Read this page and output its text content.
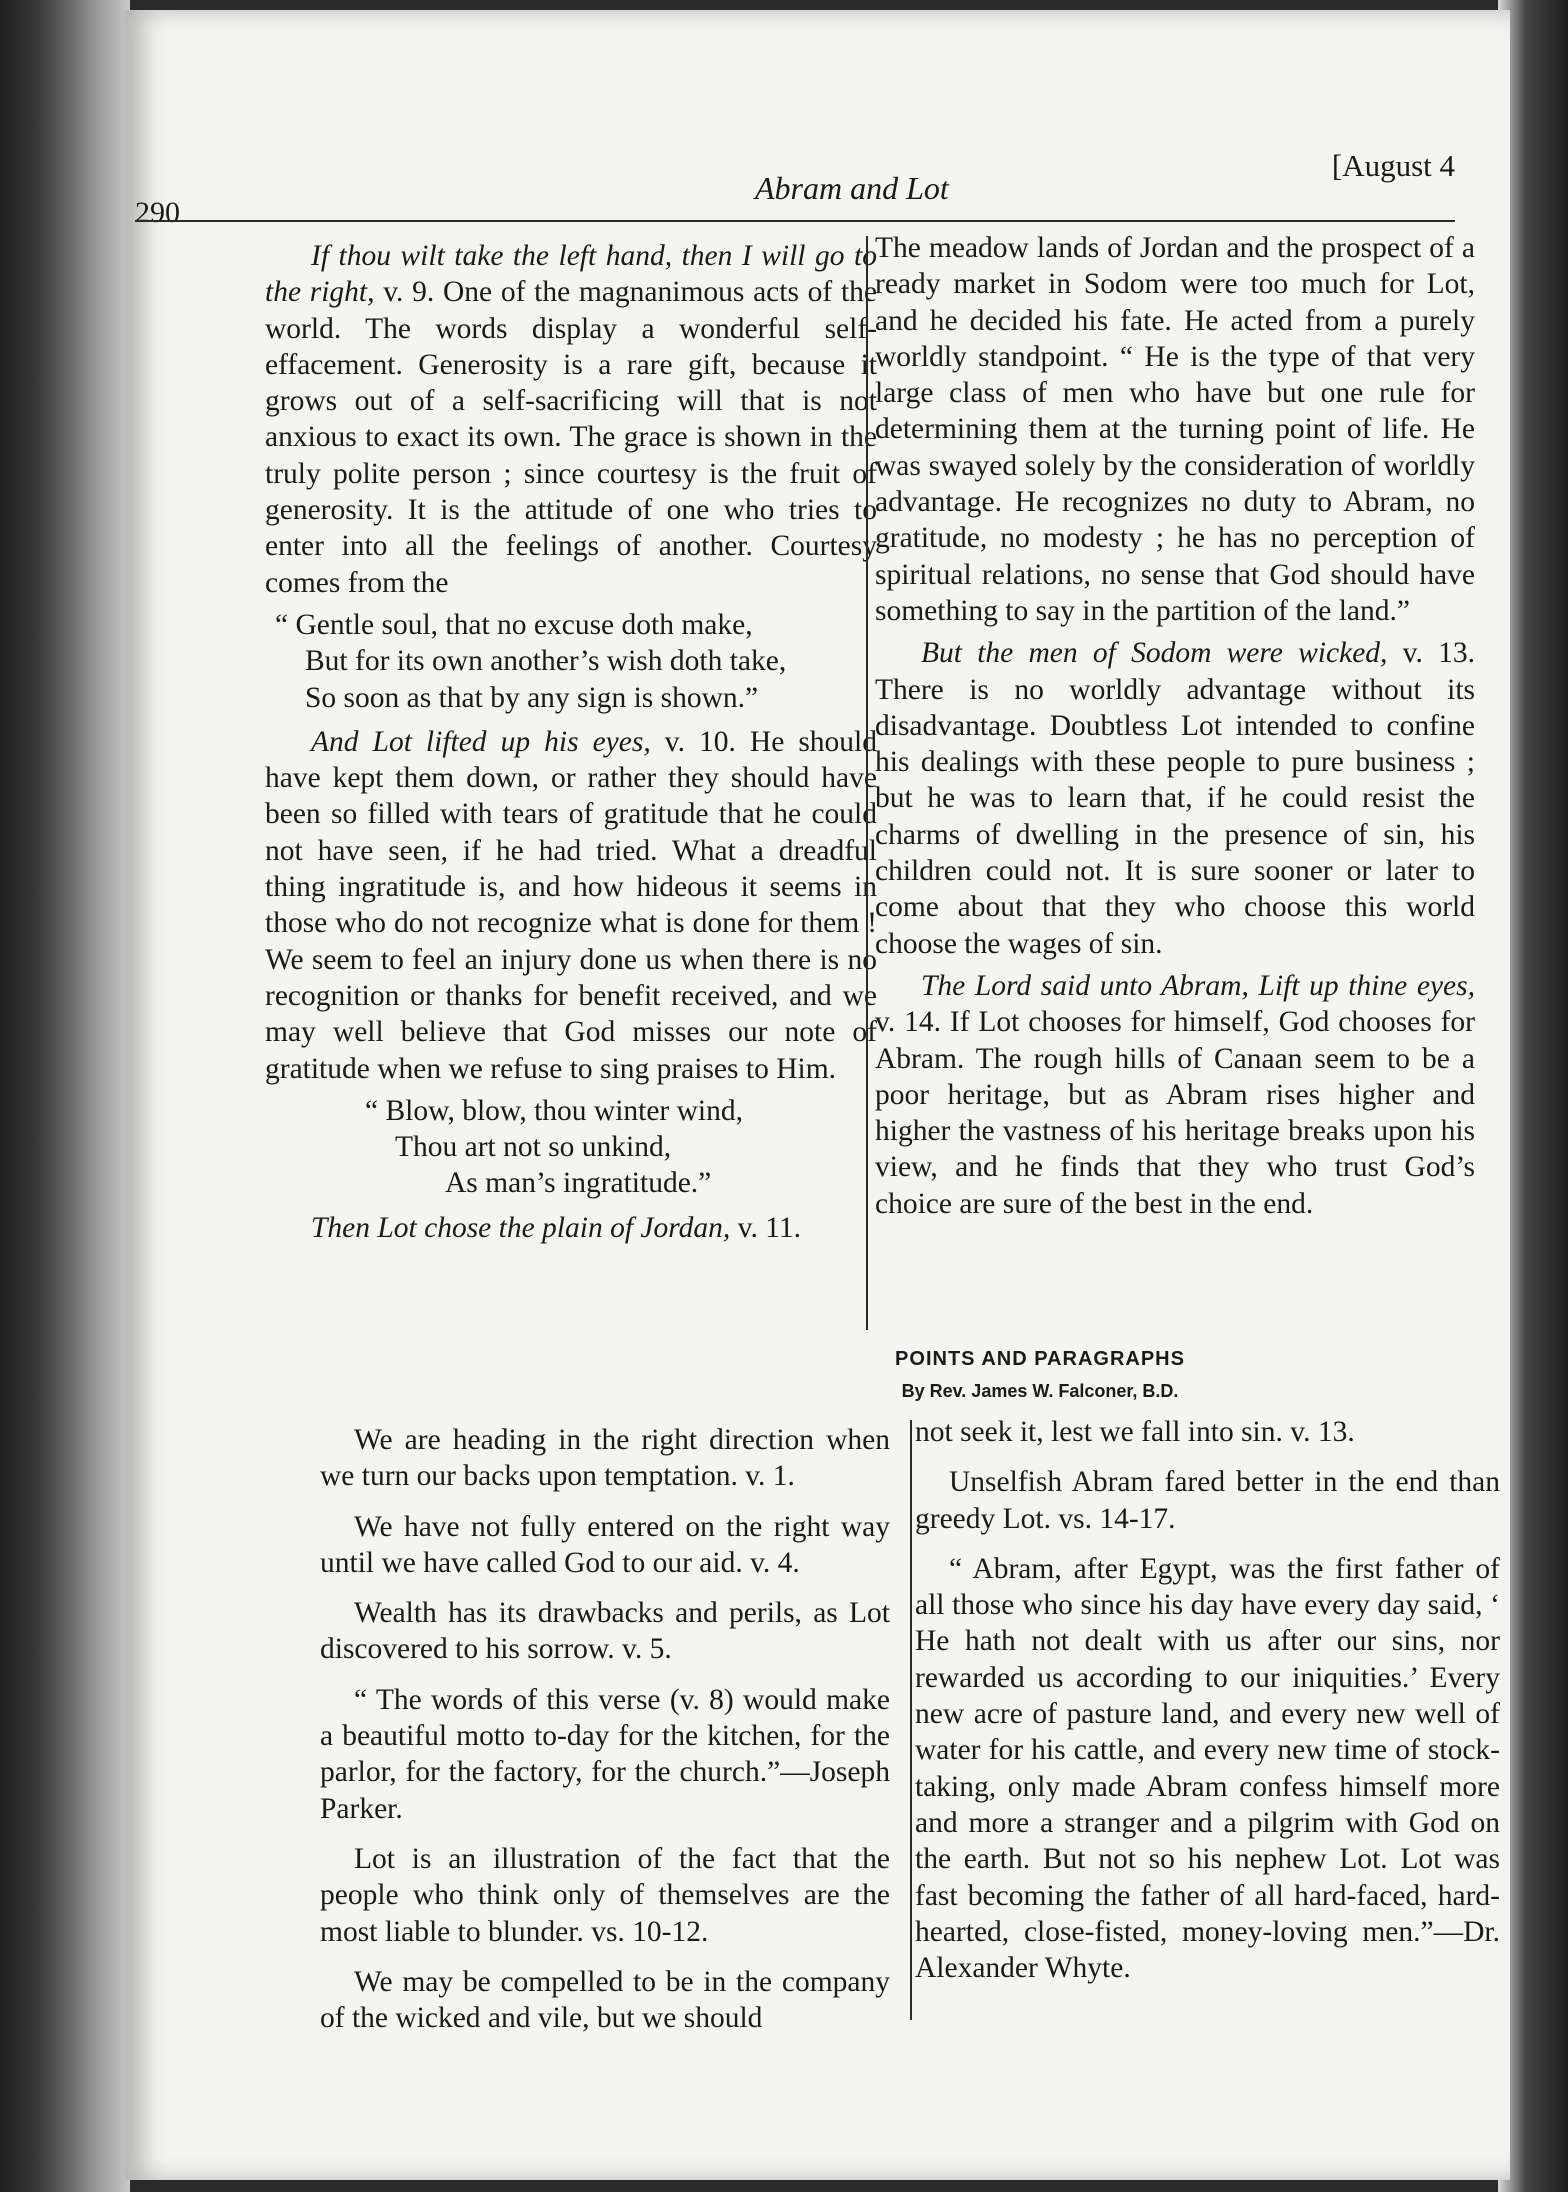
290
Abram and Lot
[August 4

If thou wilt take the left hand, then I will go to the right, v. 9. One of the magnanimous acts of the world. The words display a wonderful self-effacement. Generosity is a rare gift, because it grows out of a self-sacrificing will that is not anxious to exact its own. The grace is shown in the truly polite person ; since courtesy is the fruit of generosity. It is the attitude of one who tries to enter into all the feelings of another. Courtesy comes from the

“ Gentle soul, that no excuse doth make,
But for its own another’s wish doth take,
So soon as that by any sign is shown.”

And Lot lifted up his eyes, v. 10. He should have kept them down, or rather they should have been so filled with tears of gratitude that he could not have seen, if he had tried. What a dreadful thing ingratitude is, and how hideous it seems in those who do not recognize what is done for them ! We seem to feel an injury done us when there is no recognition or thanks for benefit received, and we may well believe that God misses our note of gratitude when we refuse to sing praises to Him.

“ Blow, blow, thou winter wind,
Thou art not so unkind,
As man’s ingratitude.”

Then Lot chose the plain of Jordan, v. 11.

The meadow lands of Jordan and the prospect of a ready market in Sodom were too much for Lot, and he decided his fate. He acted from a purely worldly standpoint. “ He is the type of that very large class of men who have but one rule for determining them at the turning point of life. He was swayed solely by the consideration of worldly advantage. He recognizes no duty to Abram, no gratitude, no modesty ; he has no perception of spiritual relations, no sense that God should have something to say in the partition of the land.”

But the men of Sodom were wicked, v. 13. There is no worldly advantage without its disadvantage. Doubtless Lot intended to confine his dealings with these people to pure business ; but he was to learn that, if he could resist the charms of dwelling in the presence of sin, his children could not. It is sure sooner or later to come about that they who choose this world choose the wages of sin.

The Lord said unto Abram, Lift up thine eyes, v. 14. If Lot chooses for himself, God chooses for Abram. The rough hills of Canaan seem to be a poor heritage, but as Abram rises higher and higher the vastness of his heritage breaks upon his view, and he finds that they who trust God’s choice are sure of the best in the end.

POINTS AND PARAGRAPHS
By Rev. James W. Falconer, B.D.

We are heading in the right direction when we turn our backs upon temptation. v. 1.

We have not fully entered on the right way until we have called God to our aid. v. 4.

Wealth has its drawbacks and perils, as Lot discovered to his sorrow. v. 5.

“ The words of this verse (v. 8) would make a beautiful motto to-day for the kitchen, for the parlor, for the factory, for the church.”—Joseph Parker.

Lot is an illustration of the fact that the people who think only of themselves are the most liable to blunder. vs. 10-12.

We may be compelled to be in the company of the wicked and vile, but we should

not seek it, lest we fall into sin. v. 13.

Unselfish Abram fared better in the end than greedy Lot. vs. 14-17.

“ Abram, after Egypt, was the first father of all those who since his day have every day said, ‘ He hath not dealt with us after our sins, nor rewarded us according to our iniquities.’ Every new acre of pasture land, and every new well of water for his cattle, and every new time of stock-taking, only made Abram confess himself more and more a stranger and a pilgrim with God on the earth. But not so his nephew Lot. Lot was fast becoming the father of all hard-faced, hard-hearted, close-fisted, money-loving men.”—Dr. Alexander Whyte.
